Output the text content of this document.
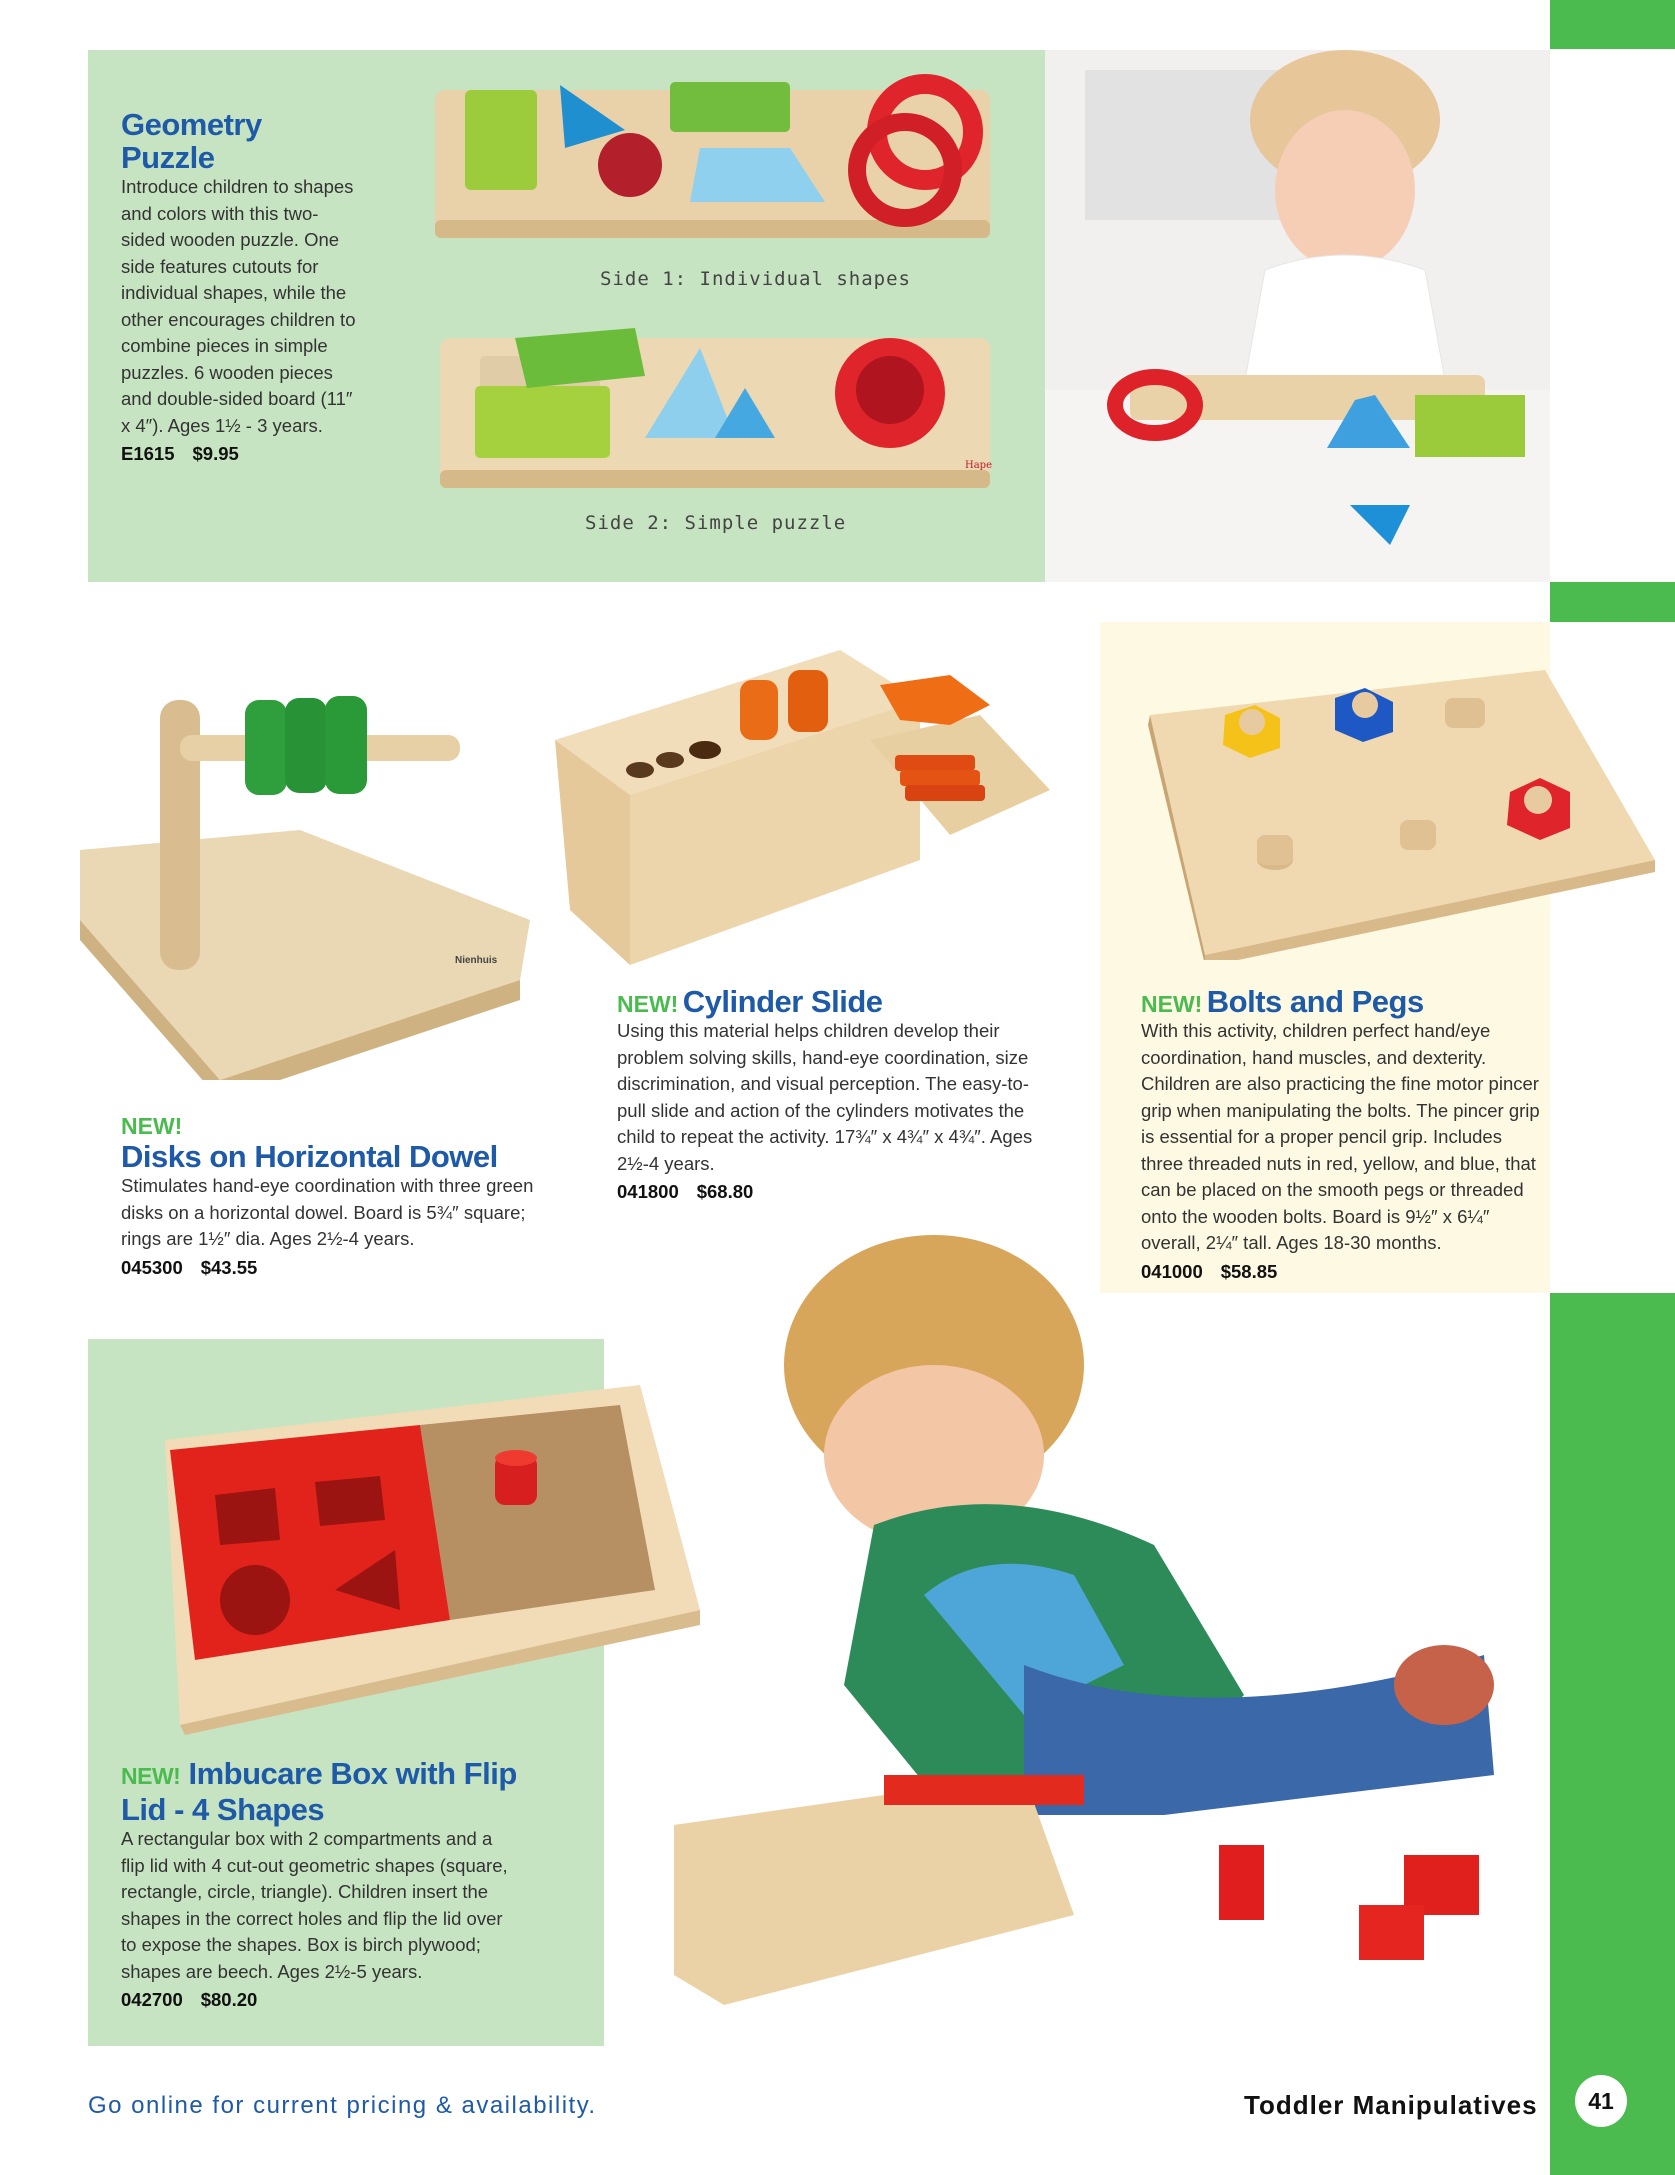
Geometry Puzzle
Introduce children to shapes and colors with this two-sided wooden puzzle. One side features cutouts for individual shapes, while the other encourages children to combine pieces in simple puzzles. 6 wooden pieces and double-sided board (11″ x 4″). Ages 1½ - 3 years.
E1615 $9.95
Side 1: Individual shapes
Hape
Side 2: Simple puzzle
Nienhuis
NEW!
Disks on Horizontal Dowel
Stimulates hand-eye coordination with three green disks on a horizontal dowel. Board is 5¾″ square; rings are 1½″ dia. Ages 2½-4 years.
045300 $43.55
NEW! Cylinder Slide
Using this material helps children develop their problem solving skills, hand-eye coordination, size discrimination, and visual perception. The easy-to-pull slide and action of the cylinders motivates the child to repeat the activity. 17¾″ x 4¾″ x 4¾″. Ages 2½-4 years.
041800 $68.80
NEW! Bolts and Pegs
With this activity, children perfect hand/eye coordination, hand muscles, and dexterity. Children are also practicing the fine motor pincer grip when manipulating the bolts. The pincer grip is essential for a proper pencil grip. Includes three threaded nuts in red, yellow, and blue, that can be placed on the smooth pegs or threaded onto the wooden bolts. Board is 9½″ x 6¼″ overall, 2¼″ tall. Ages 18-30 months.
041000 $58.85
NEW! Imbucare Box with Flip
Lid - 4 Shapes
A rectangular box with 2 compartments and a flip lid with 4 cut-out geometric shapes (square, rectangle, circle, triangle). Children insert the shapes in the correct holes and flip the lid over to expose the shapes. Box is birch plywood; shapes are beech. Ages 2½-5 years.
042700 $80.20
Go online for current pricing & availability.	Toddler Manipulatives	41
